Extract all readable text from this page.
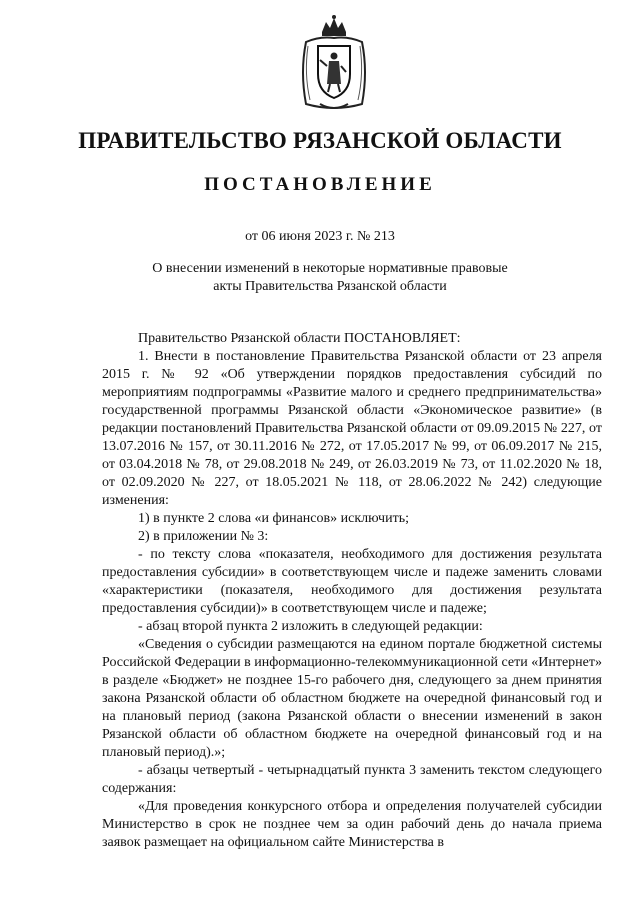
ПРАВИТЕЛЬСТВО РЯЗАНСКОЙ ОБЛАСТИ
ПОСТАНОВЛЕНИЕ
от 06 июня 2023 г. № 213
О внесении изменений в некоторые нормативные правовые акты Правительства Рязанской области

Правительство Рязанской области ПОСТАНОВЛЯЕТ:

1. Внести в постановление Правительства Рязанской области от 23 апреля 2015 г. № 92 «Об утверждении порядков предоставления субсидий по мероприятиям подпрограммы «Развитие малого и среднего предпринимательства» государственной программы Рязанской области «Экономическое развитие» (в редакции постановлений Правительства Рязанской области от 09.09.2015 № 227, от 13.07.2016 № 157, от 30.11.2016 № 272, от 17.05.2017 № 99, от 06.09.2017 № 215, от 03.04.2018 № 78, от 29.08.2018 № 249, от 26.03.2019 № 73, от 11.02.2020 № 18, от 02.09.2020 № 227, от 18.05.2021 № 118, от 28.06.2022 № 242) следующие изменения:

1) в пункте 2 слова «и финансов» исключить;

2) в приложении № 3:

- по тексту слова «показателя, необходимого для достижения результата предоставления субсидии» в соответствующем числе и падеже заменить словами «характеристики (показателя, необходимого для достижения результата предоставления субсидии)» в соответствующем числе и падеже;

- абзац второй пункта 2 изложить в следующей редакции:

«Сведения о субсидии размещаются на едином портале бюджетной системы Российской Федерации в информационно-телекоммуникационной сети «Интернет» в разделе «Бюджет» не позднее 15-го рабочего дня, следующего за днем принятия закона Рязанской области об областном бюджете на очередной финансовый год и на плановый период (закона Рязанской области о внесении изменений в закон Рязанской области об областном бюджете на очередной финансовый год и на плановый период).»;

- абзацы четвертый - четырнадцатый пункта 3 заменить текстом следующего содержания:

«Для проведения конкурсного отбора и определения получателей субсидии Министерство в срок не позднее чем за один рабочий день до начала приема заявок размещает на официальном сайте Министерства в
